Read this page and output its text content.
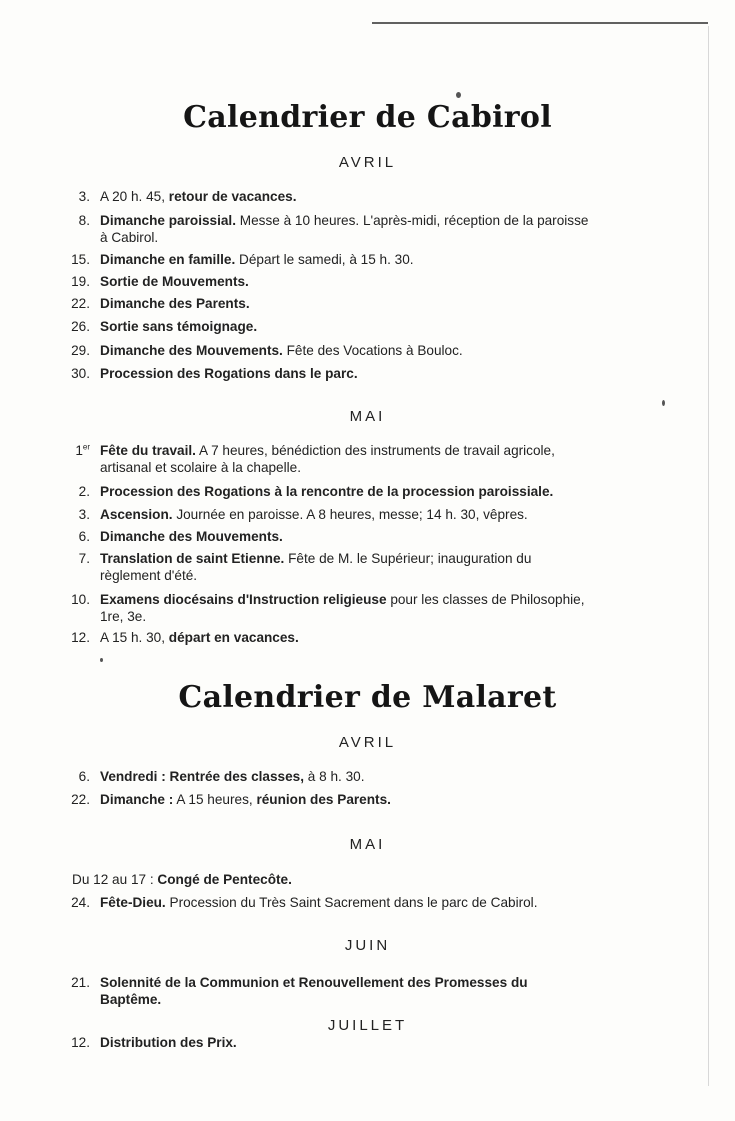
Calendrier de Cabirol
AVRIL
3. A 20 h. 45, retour de vacances.
8. Dimanche paroissial. Messe à 10 heures. L'après-midi, réception de la paroisse à Cabirol.
15. Dimanche en famille. Départ le samedi, à 15 h. 30.
19. Sortie de Mouvements.
22. Dimanche des Parents.
26. Sortie sans témoignage.
29. Dimanche des Mouvements. Fête des Vocations à Bouloc.
30. Procession des Rogations dans le parc.
MAI
1er Fête du travail. A 7 heures, bénédiction des instruments de travail agricole, artisanal et scolaire à la chapelle.
2. Procession des Rogations à la rencontre de la procession paroissiale.
3. Ascension. Journée en paroisse. A 8 heures, messe; 14 h. 30, vêpres.
6. Dimanche des Mouvements.
7. Translation de saint Etienne. Fête de M. le Supérieur; inauguration du règlement d'été.
10. Examens diocésains d'Instruction religieuse pour les classes de Philosophie, 1re, 3e.
12. A 15 h. 30, départ en vacances.
Calendrier de Malaret
AVRIL
6. Vendredi : Rentrée des classes, à 8 h. 30.
22. Dimanche : A 15 heures, réunion des Parents.
MAI
Du 12 au 17 : Congé de Pentecôte.
24. Fête-Dieu. Procession du Très Saint Sacrement dans le parc de Cabirol.
JUIN
21. Solennité de la Communion et Renouvellement des Promesses du Baptême.
JUILLET
12. Distribution des Prix.
